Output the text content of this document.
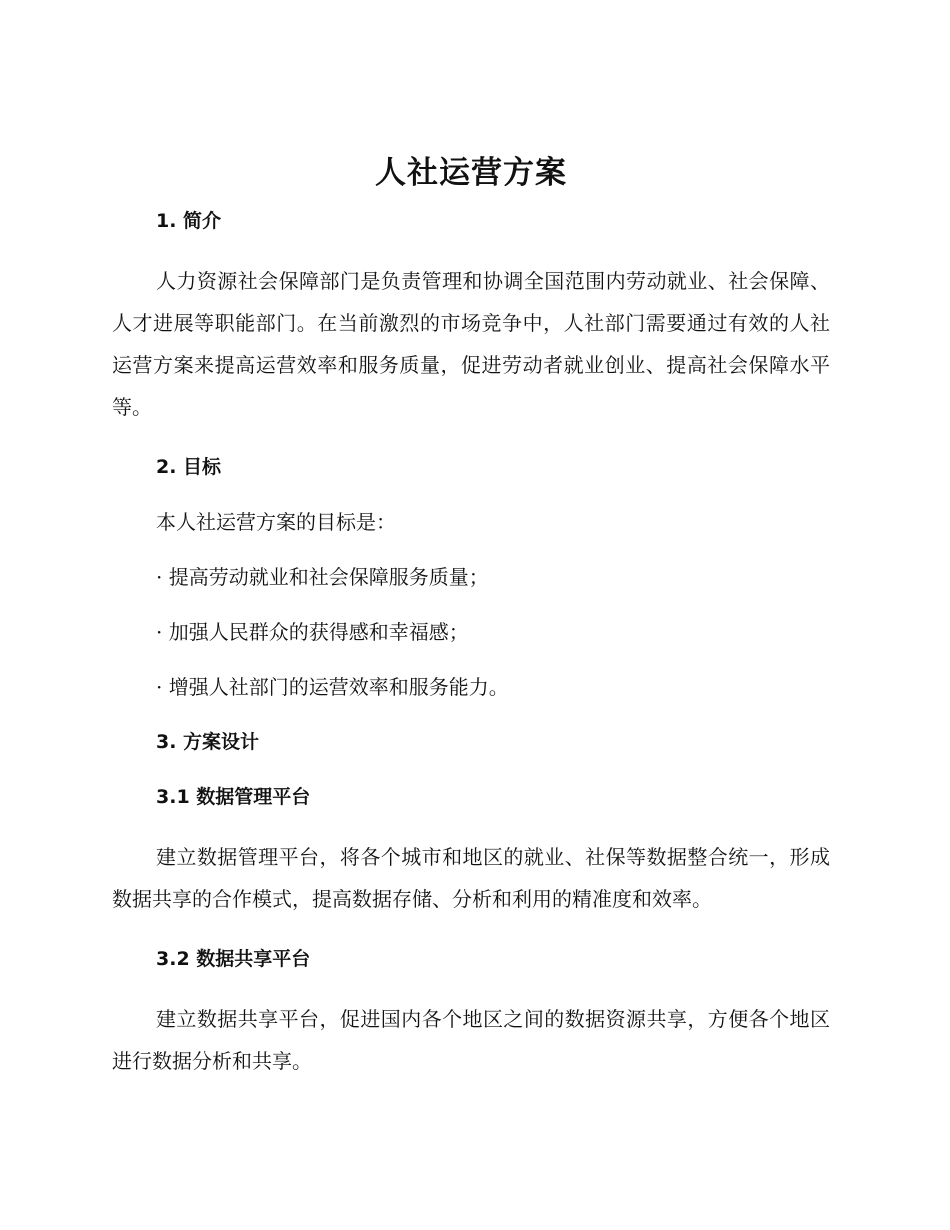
人社运营方案
1. 简介

人力资源社会保障部门是负责管理和协调全国范围内劳动就业、社会保障、人才进展等职能部门。在当前激烈的市场竞争中，人社部门需要通过有效的人社运营方案来提高运营效率和服务质量，促进劳动者就业创业、提高社会保障水平等。

2. 目标

本人社运营方案的目标是：

· 提高劳动就业和社会保障服务质量；

· 加强人民群众的获得感和幸福感；

· 增强人社部门的运营效率和服务能力。

3. 方案设计
3.1 数据管理平台

建立数据管理平台，将各个城市和地区的就业、社保等数据整合统一，形成数据共享的合作模式，提高数据存储、分析和利用的精准度和效率。

3.2 数据共享平台

建立数据共享平台，促进国内各个地区之间的数据资源共享，方便各个地区进行数据分析和共享。
